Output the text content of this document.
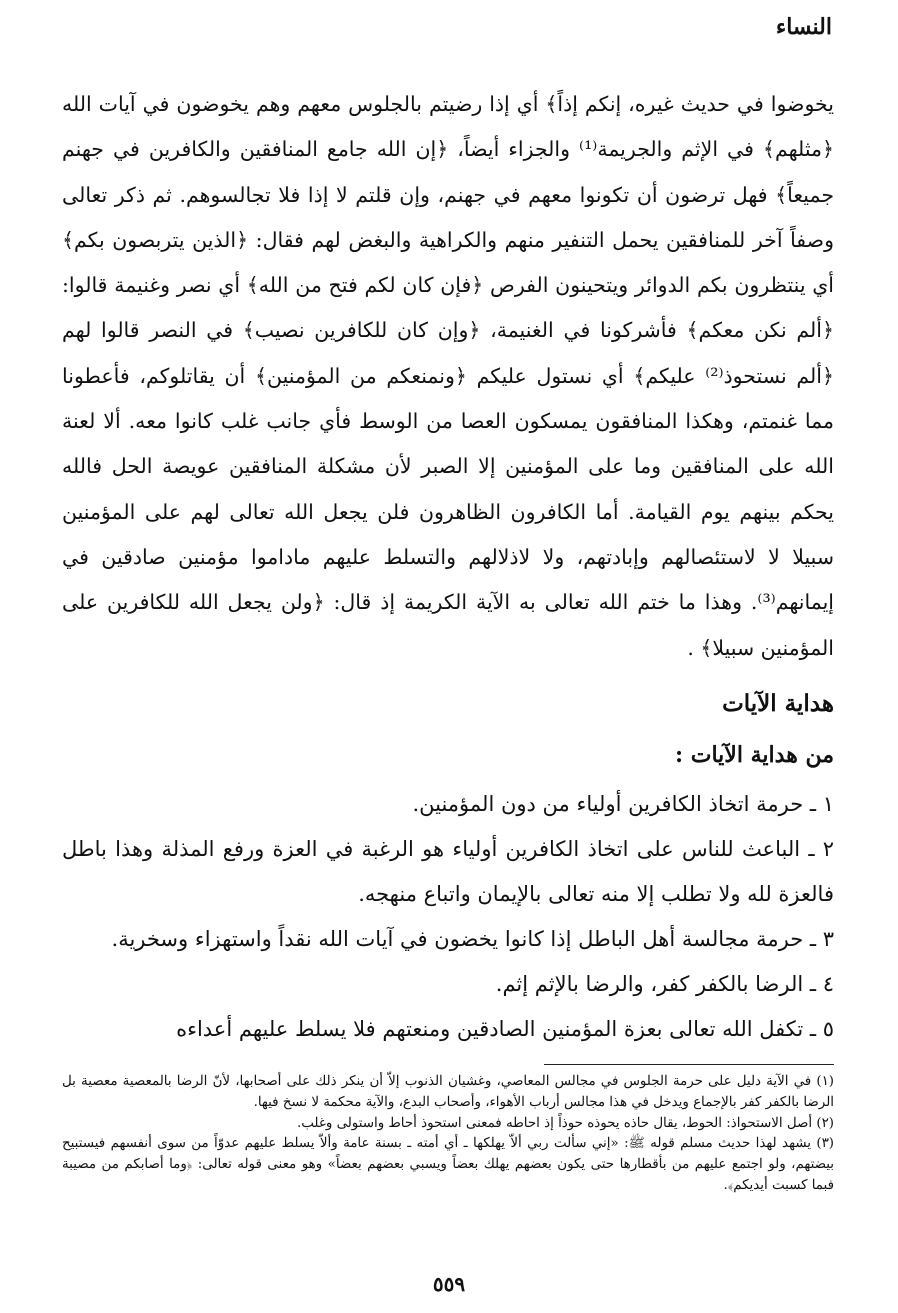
النساء

يخوضوا في حديث غيره، إنكم إذاً﴾ أي إذا رضيتم بالجلوس معهم وهم يخوضون في آيات الله ﴿مثلهم﴾ في الإثم والجريمة⁽¹⁾ والجزاء أيضاً، ﴿إن الله جامع المنافقين والكافرين في جهنم جميعاً﴾ فهل ترضون أن تكونوا معهم في جهنم، وإن قلتم لا إذا فلا تجالسوهم. ثم ذكر تعالى وصفاً آخر للمنافقين يحمل التنفير منهم والكراهية والبغض لهم فقال: ﴿الذين يتربصون بكم﴾ أي ينتظرون بكم الدوائر ويتحينون الفرص ﴿فإن كان لكم فتح من الله﴾ أي نصر وغنيمة قالوا: ﴿ألم نكن معكم﴾ فأشركونا في الغنيمة، ﴿وإن كان للكافرين نصيب﴾ في النصر قالوا لهم ﴿ألم نستحوذ⁽²⁾ عليكم﴾ أي نستول عليكم ﴿ونمنعكم من المؤمنين﴾ أن يقاتلوكم، فأعطونا مما غنمتم، وهكذا المنافقون يمسكون العصا من الوسط فأي جانب غلب كانوا معه. ألا لعنة الله على المنافقين وما على المؤمنين إلا الصبر لأن مشكلة المنافقين عويصة الحل فالله يحكم بينهم يوم القيامة. أما الكافرون الظاهرون فلن يجعل الله تعالى لهم على المؤمنين سبيلا لا لاستئصالهم وإبادتهم، ولا لاذلالهم والتسلط عليهم ماداموا مؤمنين صادقين في إيمانهم⁽³⁾. وهذا ما ختم الله تعالى به الآية الكريمة إذ قال: ﴿ولن يجعل الله للكافرين على المؤمنين سبيلا﴾ .

هداية الآيات
من هداية الآيات :
١ ـ حرمة اتخاذ الكافرين أولياء من دون المؤمنين.
٢ ـ الباعث للناس على اتخاذ الكافرين أولياء هو الرغبة في العزة ورفع المذلة وهذا باطل فالعزة لله ولا تطلب إلا منه تعالى بالإيمان واتباع منهجه.
٣ ـ حرمة مجالسة أهل الباطل إذا كانوا يخضون في آيات الله نقداً واستهزاء وسخرية.
٤ ـ الرضا بالكفر كفر، والرضا بالإثم إثم.
٥ ـ تكفل الله تعالى بعزة المؤمنين الصادقين ومنعتهم فلا يسلط عليهم أعداءه

(١) في الآية دليل على حرمة الجلوس في مجالس المعاصي، وغشيان الذنوب إلاّ أن ينكر ذلك على أصحابها، لأنّ الرضا بالمعصية معصية بل الرضا بالكفر كفر بالإجماع ويدخل في هذا مجالس أرباب الأهواء، وأصحاب البدع، والآية محكمة لا نسخ فيها.

(٢) أصل الاستحواذ: الحوط، يقال حاذه يحوذه حوذاً إذ احاطه فمعنى استحوذ أحاط واستولى وغلب.

(٣) يشهد لهذا حديث مسلم قوله ﷺ: «إني سألت ربي ألاّ يهلكها ـ أي أمته ـ بسنة عامة وألاّ يسلط عليهم عدوّاً من سوى أنفسهم فيستبيح بيضتهم، ولو اجتمع عليهم من بأقطارها حتى يكون بعضهم يهلك بعضاً ويسبي بعضهم بعضاً» وهو معنى قوله تعالى: ﴿وما أصابكم من مصيبة فبما كسبت أيديكم﴾.

٥٥٩
